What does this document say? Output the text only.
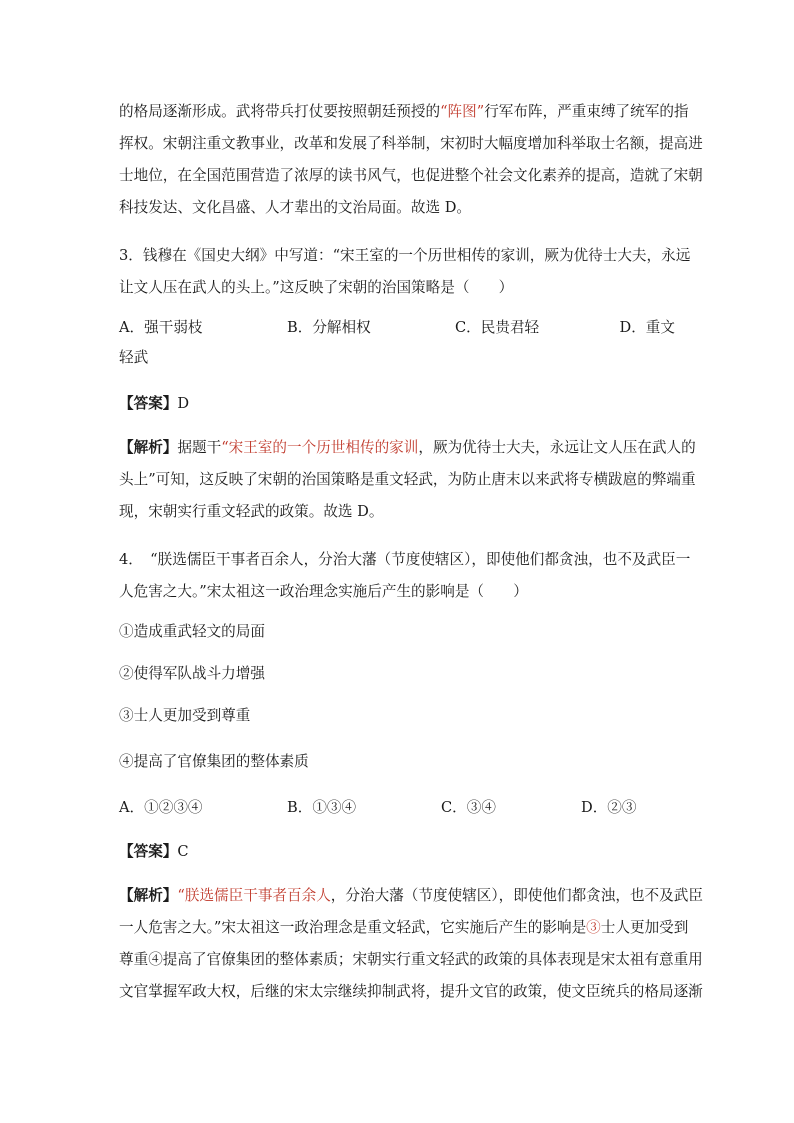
的格局逐渐形成。武将带兵打仗要按照朝廷预授的“阵图”行军布阵，严重束缚了统军的指
挥权。宋朝注重文教事业，改革和发展了科举制，宋初时大幅度增加科举取士名额，提高进
士地位，在全国范围营造了浓厚的读书风气，也促进整个社会文化素养的提高，造就了宋朝
科技发达、文化昌盛、人才辈出的文治局面。故选 D。
3．钱穆在《国史大纲》中写道：“宋王室的一个历世相传的家训，厥为优待士大夫，永远
让文人压在武人的头上。”这反映了宋朝的治国策略是（　　）
A．强干弱枝	B．分解相权	C．民贵君轻	D．重文
轻武
【答案】D
【解析】据题干“宋王室的一个历世相传的家训，厥为优待士大夫，永远让文人压在武人的
头上”可知，这反映了宋朝的治国策略是重文轻武，为防止唐末以来武将专横跋扈的弊端重
现，宋朝实行重文轻武的政策。故选 D。
4．　“朕选儒臣干事者百余人，分治大藩（节度使辖区），即使他们都贪浊，也不及武臣一
人危害之大。”宋太祖这一政治理念实施后产生的影响是（　　）
①造成重武轻文的局面
②使得军队战斗力增强
③士人更加受到尊重
④提高了官僚集团的整体素质
A．①②③④	B．①③④	C．③④	D．②③
【答案】C
【解析】“朕选儒臣干事者百余人，分治大藩（节度使辖区），即使他们都贪浊，也不及武臣
一人危害之大。”宋太祖这一政治理念是重文轻武，它实施后产生的影响是③士人更加受到
尊重④提高了官僚集团的整体素质；宋朝实行重文轻武的政策的具体表现是宋太祖有意重用
文官掌握军政大权，后继的宋太宗继续抑制武将，提升文官的政策，使文臣统兵的格局逐渐
